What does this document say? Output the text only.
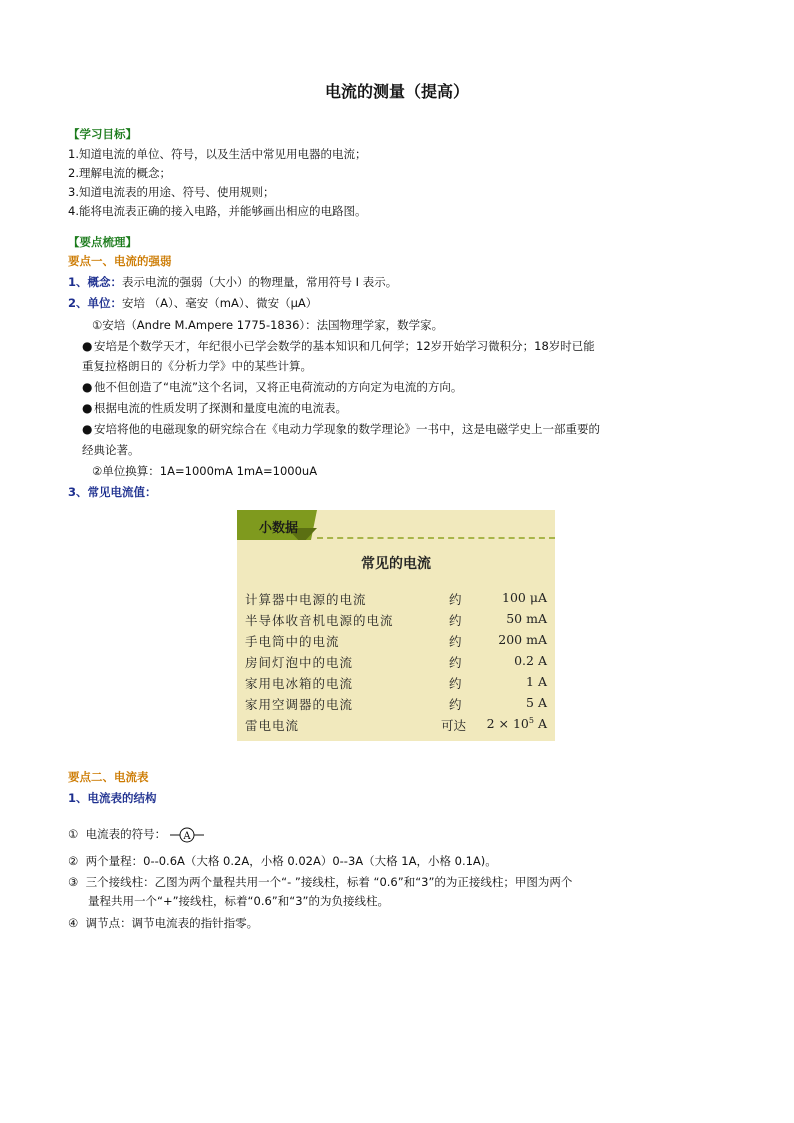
电流的测量（提高）
【学习目标】
1.知道电流的单位、符号，以及生活中常见用电器的电流；
2.理解电流的概念；
3.知道电流表的用途、符号、使用规则；
4.能将电流表正确的接入电路，并能够画出相应的电路图。
【要点梳理】
要点一、电流的强弱
1、概念：表示电流的强弱（大小）的物理量，常用符号 I 表示。
2、单位：安培 （A）、毫安（mA）、微安（μA）
①安培（Andre M.Ampere 1775-1836）：法国物理学家，数学家。
● 安培是个数学天才，年纪很小已学会数学的基本知识和几何学；12岁开始学习微积分；18岁时已能
重复拉格朗日的《分析力学》中的某些计算。
● 他不但创造了“电流”这个名词，又将正电荷流动的方向定为电流的方向。
● 根据电流的性质发明了探测和量度电流的电流表。
● 安培将他的电磁现象的研究综合在《电动力学现象的数学理论》一书中，这是电磁学史上一部重要的
经典论著。
②单位换算：1A=1000mA 1mA=1000uA
3、常见电流值：
小数据
常见的电流
计算器中电源的电流	约	100 μA
半导体收音机电源的电流	约	50 mA
手电筒中的电流	约	200 mA
房间灯泡中的电流	约	0.2 A
家用电冰箱的电流	约	1 A
家用空调器的电流	约	5 A
雷电电流	可达 $2 \times 10^5$ A
要点二、电流表
1、电流表的结构
① 电流表的符号： A
② 两个量程：0--0.6A（大格 0.2A，小格 0.02A）0--3A（大格 1A，小格 0.1A)。
③ 三个接线柱：乙图为两个量程共用一个“- ”接线柱，标着 “0.6”和“3”的为正接线柱；甲图为两个
量程共用一个“+”接线柱，标着“0.6”和“3”的为负接线柱。
④ 调节点：调节电流表的指针指零。
